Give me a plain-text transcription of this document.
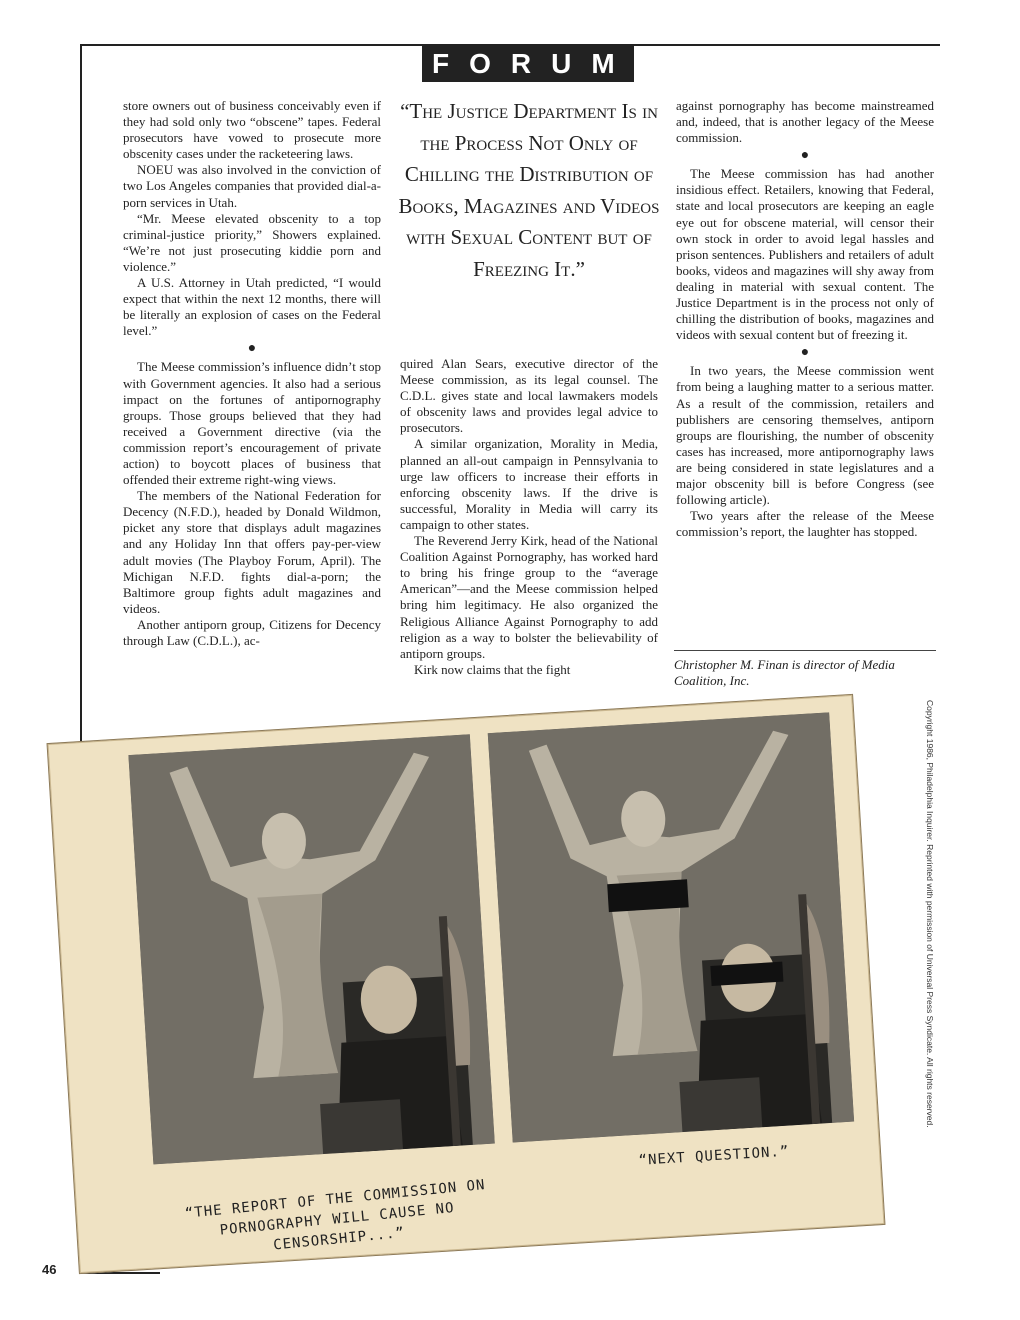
FORUM

store owners out of business conceivably even if they had sold only two “obscene” tapes. Federal prosecutors have vowed to prosecute more obscenity cases under the racketeering laws.

NOEU was also involved in the conviction of two Los Angeles companies that provided dial-a-porn services in Utah.

“Mr. Meese elevated obscenity to a top criminal-justice priority,” Showers explained. “We’re not just prosecuting kiddie porn and violence.”

A U.S. Attorney in Utah predicted, “I would expect that within the next 12 months, there will be literally an explosion of cases on the Federal level.”

●

The Meese commission’s influence didn’t stop with Government agencies. It also had a serious impact on the fortunes of antipornography groups. Those groups believed that they had received a Government directive (via the commission report’s encouragement of private action) to boycott places of business that offended their extreme right-wing views.

The members of the National Federation for Decency (N.F.D.), headed by Donald Wildmon, picket any store that displays adult magazines and any Holiday Inn that offers pay-per-view adult movies (The Playboy Forum, April). The Michigan N.F.D. fights dial-a-porn; the Baltimore group fights adult magazines and videos.

Another antiporn group, Citizens for Decency through Law (C.D.L.), ac-

“The Justice Department Is in the Process Not Only of Chilling the Distribution of Books, Magazines and Videos with Sexual Content but of Freezing It.”

quired Alan Sears, executive director of the Meese commission, as its legal counsel. The C.D.L. gives state and local lawmakers models of obscenity laws and provides legal advice to prosecutors.

A similar organization, Morality in Media, planned an all-out campaign in Pennsylvania to urge law officers to increase their efforts in enforcing obscenity laws. If the drive is successful, Morality in Media will carry its campaign to other states.

The Reverend Jerry Kirk, head of the National Coalition Against Pornography, has worked hard to bring his fringe group to the “average American”—and the Meese commission helped bring him legitimacy. He also organized the Religious Alliance Against Pornography to add religion as a way to bolster the believability of antiporn groups.

Kirk now claims that the fight

against pornography has become mainstreamed and, indeed, that is another legacy of the Meese commission.

●

The Meese commission has had another insidious effect. Retailers, knowing that Federal, state and local prosecutors are keeping an eagle eye out for obscene material, will censor their own stock in order to avoid legal hassles and prison sentences. Publishers and retailers of adult books, videos and magazines will shy away from dealing in material with sexual content. The Justice Department is in the process not only of chilling the distribution of books, magazines and videos with sexual content but of freezing it.

●

In two years, the Meese commission went from being a laughing matter to a serious matter. As a result of the commission, retailers and publishers are censoring themselves, antiporn groups are flourishing, the number of obscenity cases has increased, more antipornography laws are being considered in state legislatures and a major obscenity bill is before Congress (see following article).

Two years after the release of the Meese commission’s report, the laughter has stopped.

Christopher M. Finan is director of Media Coalition, Inc.
Copyright 1986, Philadelphia Inquirer. Reprinted with permission of Universal Press Syndicate. All rights reserved.
“THE REPORT OF THE COMMISSION ON PORNOGRAPHY WILL CAUSE NO CENSORSHIP...”
“NEXT QUESTION.”
46
